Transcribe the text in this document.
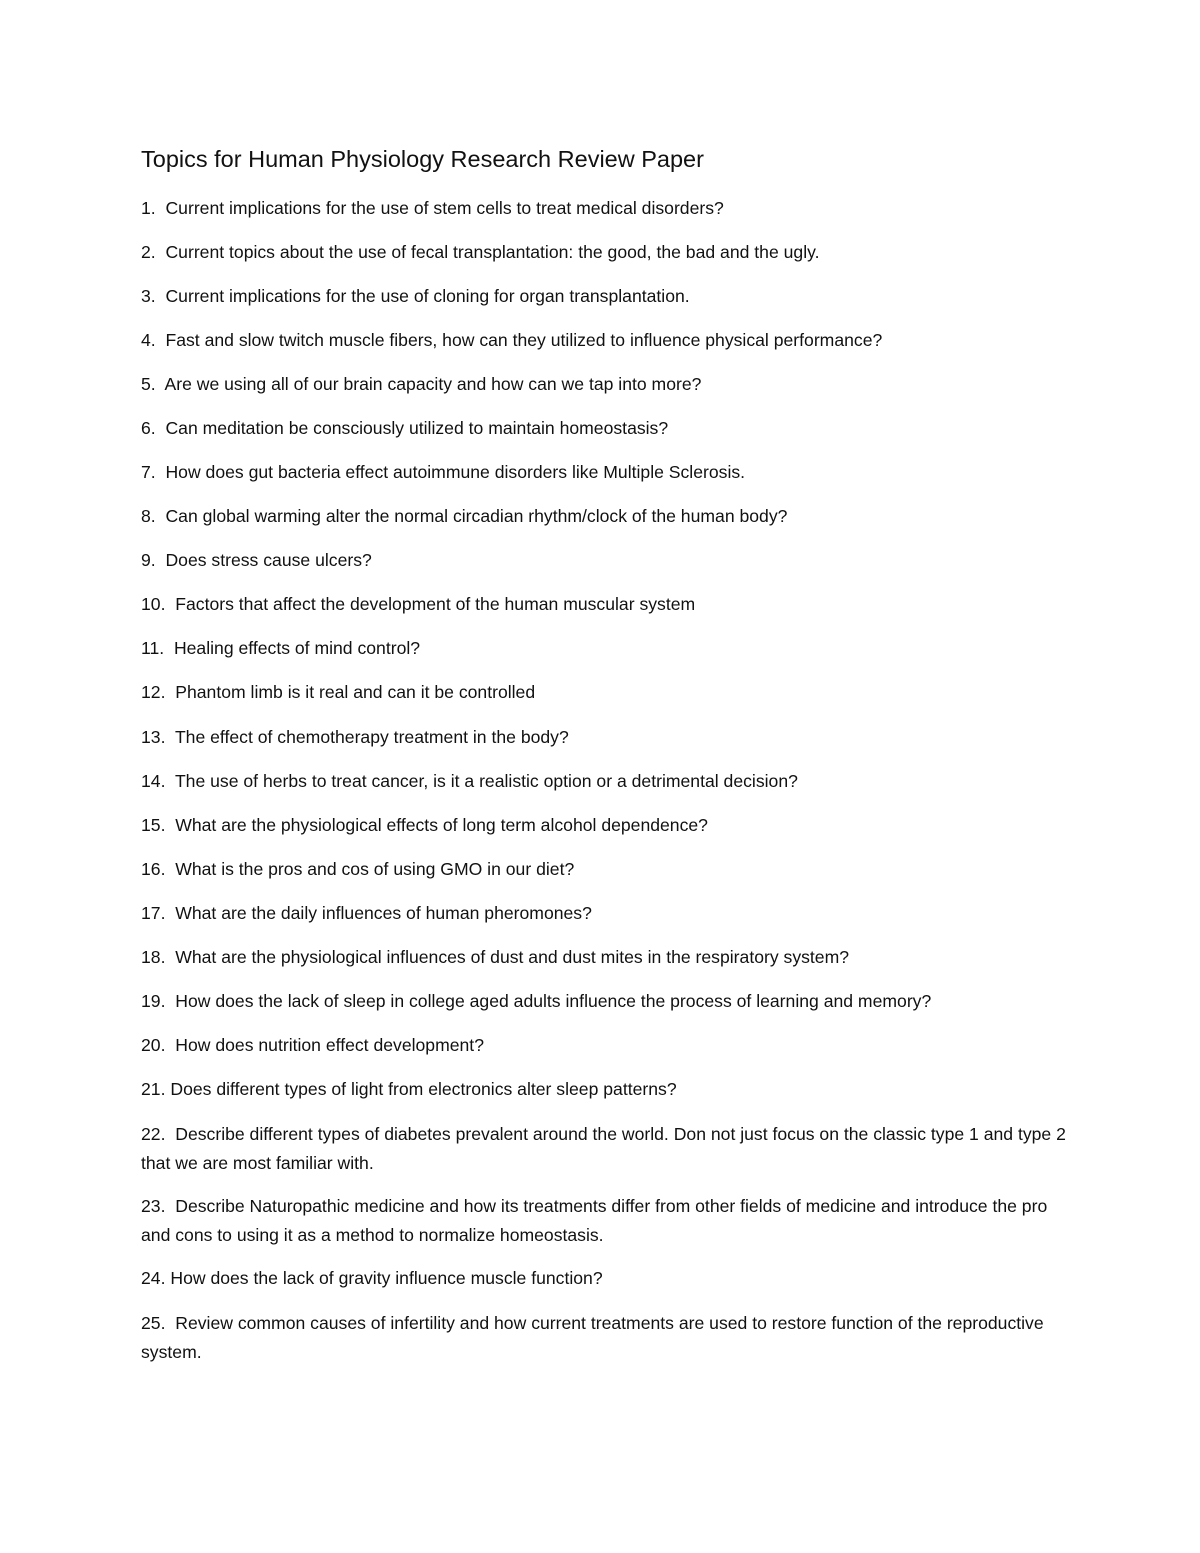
Topics for Human Physiology Research Review Paper

1. Current implications for the use of stem cells to treat medical disorders?

2. Current topics about the use of fecal transplantation: the good, the bad and the ugly.

3. Current implications for the use of cloning for organ transplantation.

4. Fast and slow twitch muscle fibers, how can they utilized to influence physical performance?

5. Are we using all of our brain capacity and how can we tap into more?

6. Can meditation be consciously utilized to maintain homeostasis?

7. How does gut bacteria effect autoimmune disorders like Multiple Sclerosis.

8. Can global warming alter the normal circadian rhythm/clock of the human body?

9. Does stress cause ulcers?

10. Factors that affect the development of the human muscular system

11. Healing effects of mind control?

12. Phantom limb is it real and can it be controlled

13. The effect of chemotherapy treatment in the body?

14. The use of herbs to treat cancer, is it a realistic option or a detrimental decision?

15. What are the physiological effects of long term alcohol dependence?

16. What is the pros and cos of using GMO in our diet?

17. What are the daily influences of human pheromones?

18. What are the physiological influences of dust and dust mites in the respiratory system?

19. How does the lack of sleep in college aged adults influence the process of learning and memory?

20. How does nutrition effect development?

21. Does different types of light from electronics alter sleep patterns?

22. Describe different types of diabetes prevalent around the world. Don not just focus on the classic type 1 and type 2 that we are most familiar with.

23. Describe Naturopathic medicine and how its treatments differ from other fields of medicine and introduce the pro and cons to using it as a method to normalize homeostasis.

24. How does the lack of gravity influence muscle function?

25. Review common causes of infertility and how current treatments are used to restore function of the reproductive system.
